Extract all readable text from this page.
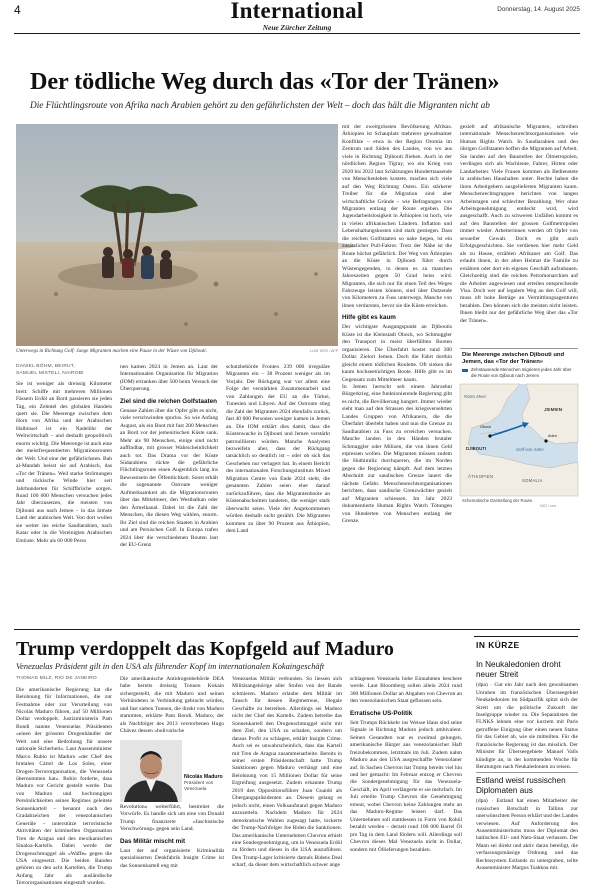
4	International
Neue Zürcher Zeitung
Donnerstag, 14. August 2025
Der tödliche Weg durch das «Tor der Tränen»
Die Flüchtlingsroute von Afrika nach Arabien gehört zu den gefährlichsten der Welt – doch das hält die Migranten nicht ab
Unterwegs in Richtung Golf: Junge Migranten machen eine Pause in der Wüste von Djibouti.	LUIS TATO / AFP
DANIEL BÖHM, BEIRUT,
SAMUEL MISTELI, NAIROBI

Sie ist weniger als dreissig Kilometer breit: Schiffe mit mehreren Millionen Fässern Erdöl an Bord passieren sie jeden Tag, ein Zehntel des globalen Handels quert sie. Die Meerenge zwischen dem Horn von Afrika und der Arabischen Halbinsel ist ein Nadelöhr der Weltwirtschaft – und deshalb geopolitisch enorm wichtig. Die Meerenge ist auch eine der meistfrequentierten Migrationsrouten der Welt. Und eine der gefährlichsten. Bab al-Mandab heisst sie auf Arabisch, das «Tor der Tränen». Weil starke Strömungen und tückische Winde hier seit Jahrhunderten für Schiffbrüche sorgen. Rund 100 000 Menschen versuchen jedes Jahr überzusetzen, die meisten von Djibouti aus nach Jemen – in das ärmste Land der arabischen Welt. Von dort wollen sie weiter ins reiche Saudiarabien, nach Katar oder in die Vereinigten Arabischen Emirate. Mehr als 60 000 Perso

nen kamen 2024 in Jemen an. Laut der Internationalen Organisation für Migration (IOM) ertranken über 500 beim Versuch der Überquerung.

Ziel sind die reichen Golfstaaten

Genaue Zahlen über die Opfer gibt es nicht, viele verschwinden spurlos. So wie Anfang August, als ein Boot mit fast 200 Menschen an Bord vor der jemenitischen Küste sank. Mehr als 90 Menschen, einige sind nicht auffindbar, mit grosser Wahrscheinlichkeit auch tot. Das Drama vor der Küste Südarabiens rückte die gefährliche Flüchtlingsroute einen Augenblick lang ins Bewusstsein der Öffentlichkeit. Sonst erhält die sogenannte Ostroute weniger Aufmerksamkeit als die Migrationsrouten über das Mittelmeer, den Westbalkan oder den Ärmelkanal. Dabei ist die Zahl der Menschen, die diesen Weg wählen, enorm. Ihr Ziel sind die reichen Staaten in Arabien und am Persischen Golf. In Europa trafen 2024 über die verschiedenen Routen laut der EU-Grenz

schutzbehörde Frontex 239 000 irreguläre Migranten ein – 38 Prozent weniger als im Vorjahr. Der Rückgang war vor allem eine Folge der verstärkten Zusammenarbeit und von Zahlungen der EU an die Türkei, Tunesien und Libyen. Auf der Ostroute stieg die Zahl der Migranten 2024 ebenfalls zurück, fast 40 000 Personen weniger kamen in Jemen an. Die IOM erklärt dies damit, dass die Küstenwache in Djibouti und Jemen verstärkt patrouillieren würden. Manche Analysten bezweifeln aber, dass der Rückgang tatsächlich so deutlich ist – oder ob sich das Geschehen nur verlagert hat. In einem Bericht des internationalen Forschungsinstituts Mixed Migration Centre von Ende 2024 steht, die genannten Zahlen seien eher darauf zurückzuführen, dass die Migrantenboote an Küstenabschnitten landeten, die weniger stark überwacht seien. Viele der Angekommenen würden deshalb nicht gezählt. Die Migranten kommen zu über 90 Prozent aus Äthiopien, dem Land

mit der zweitgrössten Bevölkerung Afrikas. Äthiopien ist Schauplatz mehrerer gewaltsamer Konflikte – etwa in der Region Oromia im Zentrum und Süden des Landes, von wo aus viele in Richtung Djibouti fliehen. Auch in der nördlichen Region Tigray, wo ein Krieg von 2020 bis 2022 laut Schätzungen Hunderttausende von Menschenleben kostete, machen sich viele auf den Weg Richtung Osten. Ein stärkerer Treiber für die Migration sind aber wirtschaftliche Gründe – wie Befragungen von Migranten entlang der Route ergeben. Die Jugendarbeitslosigkeit in Äthiopien ist hoch, wie in vielen afrikanischen Ländern. Inflation und Lebenshaltungskosten sind stark gestiegen. Dass die reichen Golfstaaten so nahe liegen, ist ein zusätzlicher Pull-Faktor. Trotz der Nähe ist die Route höchst gefährlich. Der Weg von Äthiopien an die Küste in Djibouti führt durch Wüstengegenden, in denen es zu manchen Jahreszeiten gegen 50 Grad heiss wird. Migranten, die sich nur für einen Teil des Weges Fahrzeuge leisten können, sind über Dutzende von Kilometern zu Fuss unterwegs. Manche von ihnen verdursten, bevor sie die Küste erreichen.

Hilfe gibt es kaum

Der wichtigste Ausgangspunkt an Djiboutis Küste ist die Kleinstadt Obock, wo Schmuggler den Transport in meist überfüllten Booten organisieren. Die Überfahrt kostet rund 300 Dollar. Zielort Jemen. Doch die Fahrt dorthin gleicht einem tödlichen Roulette. Oft sinken die kaum hochseetüchtigen Boote. Hilfe gibt es im Gegensatz zum Mittelmeer kaum.

In Jemen herrscht seit einem Jahrzehnt Bürgerkrieg, eine funktionierende Regierung gibt es nicht, die Bevölkerung hungert. Immer wieder sieht man auf den Strassen des kriegsversehrten Landes Gruppen von Afrikanern, die die Überfahrt überlebt haben und nun die Grenze zu Saudiarabien zu Fuss zu erreichen versuchen. Manche landen in den Händen brutaler Schmuggler oder Milizen, die von ihnen Geld erpressen wollen. Die Migranten müssen zudem die Huthimiliz durchqueren, die im Norden gegen die Regierung kämpft. Auf dem letzten Abschnitt zur saudischen Grenze lauert die nächste Gefahr. Menschenrechtsorganisationen berichten, dass saudische Grenzwächter gezielt auf Migranten schiessen. Im Jahr 2023 dokumentierte Human Rights Watch Tötungen von Hunderten von Menschen entlang der Grenze.

gezielt auf afrikanische Migranten, schreiben internationale Menschenrechtsorganisationen wie Human Rights Watch. In Saudiarabien und den übrigen Golfstaaten hoffen die Migranten auf Arbeit. Sie landen auf den Baustellen der Ölmetropolen, verdingen sich als Wachleute, Fahrer, Hirten oder Landarbeiter. Viele Frauen kommen als Bedienstete in arabischen Haushalten unter. Rechte haben die ihren Arbeitgebern ausgelieferten Migranten kaum. Menschenrechtsgruppen berichten von langen Arbeitstagen und schlechter Bezahlung. Wer ohne Arbeitsgenehmigung entdeckt wird, wird ausgeschafft. Auch zu schweren Unfällen kommt es auf den Baustellen der grossen Golfmetropolen immer wieder. Arbeiterinnen werden oft Opfer von sexueller Gewalt. Doch es gibt auch Erfolgsgeschichten. Sie verdienen hier mehr Geld als zu Hause, erzählen Afrikaner am Golf. Das erlaubt ihnen, in der alten Heimat die Familie zu ernähren oder dort ein eigenes Geschäft aufzubauen. Gleichzeitig sind die reichen Petromonarchien auf die Arbeiter angewiesen und erteilen entsprechende Visa. Doch wer auf legalem Weg an den Golf will, muss oft hohe Beträge an Vermittlungsagenturen bezahlen. Den können sich die meisten nicht leisten. Ihnen bleibt nur der gefährliche Weg über das «Tor der Tränen».

Die Meerenge zwischen Djibouti und Jemen, das «Tor der Tränen»
Zehntausende Menschen migrieren jedes Jahr über die Route von Djibouti nach Jemen
Rotes Meer
JEMEN
DJIBOUTI	Golf von Aden
ÄTHIOPIEN
SOMALIA
Obock
Aden
Schematische Darstellung der Route.
NZZ / cen.
Trump verdoppelt das Kopfgeld auf Maduro
Venezuelas Präsident gilt in den USA als führender Kopf im internationalen Kokaingeschäft
THOMAS MILZ, RIO DE JANEIRO

Die amerikanische Regierung hat die Belohnung für Informationen, die zur Festnahme oder zur Verurteilung von Nicolás Maduro führen, auf 50 Millionen Dollar verdoppelt. Justizministerin Pam Bondi nannte Venezuelas Präsidenten «einen der grössten Drogenhändler der Welt und eine Bedrohung für unsere nationale Sicherheit». Laut Aussenminister Marco Rubio ist Maduro «der Chef des brutalen Cártel de Los Soles, einer Drogen-Terrororganisation, die Venezuela übernommen hat». Rubio forderte, dass Maduro vor Gericht gestellt werde. Das von Maduro und hochrangigen Persönlichkeiten seines Regimes geleitete Sonnenkartell – benannt nach den Gradabzeichen der venezolanischen Generäle – unterstütze terroristische Aktivitäten der kriminellen Organisation Tren de Aragua und des mexikanischen Sinaloa-Kartells. Dabei werde der Drogenschmuggel als «Waffe» gegen die USA eingesetzt. Die beiden Banden gehören zu den acht Kartellen, die Trump Anfang Jahr als ausländische Terrororganisationen eingestuft wurden.

Die amerikanische Antidrogenbehörde DEA habe bereits dreissig Tonnen Kokain sichergestellt, die mit Maduro und seinen Verbündeten in Verbindung gebracht würden, und fast sieben Tonnen, die direkt von Maduro stammten, erklärte Pam Bondi. Maduro, der als Nachfolger des 2013 verstorbenen Hugo Chávez dessen «bolivarische

Nicolás Maduro
Präsident von Venezuela

Revolution» weiterführt, bestreitet die Vorwürfe. Es handle sich um eine von Donald Trump finanzierte «faschistische Verschwörung» gegen sein Land.

Das Militär mischt mit

Laut der auf organisierte Kriminalität spezialisierten Denkfabrik Insight Crime ist das Sonnenkartell eng mit

Venezuelas Militär verbunden. So liessen sich Militärangehörige aller Stufen von der Bande schmieren. Maduro erlaube dem Militär im Tausch für dessen Regimetreue, illegale Geschäfte zu betreiben. Allerdings sei Maduro nicht der Chef des Kartells. Zudem betreibe das Sonnenkartell den Drogenschmuggel nicht mit dem Ziel, den USA zu schaden, sondern um daraus Profit zu schlagen, erklärt Insight Crime. Auch sei es unwahrscheinlich, dass das Kartell mit Tren de Aragua zusammenarbeite. Bereits in seiner ersten Präsidentschaft hatte Trump Sanktionen gegen Maduro verhängt und eine Belohnung von 15 Millionen Dollar für seine Ergreifung ausgesetzt. Zudem erkannte Trump 2019 den Oppositionsführer Juan Guaidó als Übergangspräsidenten an. Diesem gelang es jedoch nicht, einen Volksaufstand gegen Maduro anzuzetteln. Nachdem Maduro für 2024 demokratische Wahlen zugesagt hatte, lockerte der Trump-Nachfolger Joe Biden die Sanktionen. Das amerikanische Unternehmen Chevron erhielt eine Sondergenehmigung, um in Venezuela Erdöl zu fördern und dieses in die USA auszuführen. Den Trump-Lager kritisierte damals Bidens Deal scharf, da dieser dem wirtschaftlich schwer ange

schlagenen Venezuela hohe Einnahmen beschere werde. Laut Bloomberg sollen allein 2024 rund 300 Millionen Dollar an Abgaben von Chevron an den venezolanischen Staat geflossen sein.

Erratische US-Politik

Seit Trumps Rückkehr ins Weisse Haus sind seine Signale in Richtung Maduro jedoch ambivalent. Seinen Gesandten war es zweimal gelungen, amerikanische Bürger aus venezolanischer Haft freizubekommen, letztmals im Juli. Zudem nahm Maduro aus den USA ausgeschaffte Venezolaner auf. In Sachen Chevron hat Trump bereits viel hin und her gemacht: Im Februar entzog er Chevron die Sondergenehmigung für das Venezuela-Geschäft, im April verlängerte er sie mehrfach. Im Juli erteilte Trump Chevron die Genehmigung erneut, wobei Chevron keine Zahlungen mehr an das Maduro-Regime leisten darf. Das Unternehmen soll stattdessen in Form von Rohöl bezahlt werden – derzeit rund 100 000 Barrel Öl pro Tag in dem Land fördern will. Allerdings soll Chevron dieses Mal Venezuela nicht in Dollar, sondern mit Öllieferungen bezahlen.

IN KÜRZE
In Neukaledonien droht neuer Streit

(dpa) · Gut ein Jahr nach den gewaltsamen Unruhen im französischen Überseegebiet Neukaledonien im Südpazifik spitzt sich der Streit um die politische Zukunft der Inselgruppe wieder zu. Die Separatisten der FLNKS lehnen eine vor kurzem mit Paris getroffene Einigung über einen neuen Status für das Gebiet ab, wie sie mitteilten. Für die französische Regierung ist das misslich. Der Minister für Überseegebiete Manuel Valls kündigte an, in der kommenden Woche für Beratungen nach Neukaledonien zu reisen.

Estland weist russischen Diplomaten aus

(dpa) · Estland hat einen Mitarbeiter der russischen Botschaft in Tallinn zur unerwünschten Person erklärt und des Landes verwiesen. Auf Anforderung des Aussenministeriums muss der Diplomat den baltischen EU- und Nato-Staat verlassen. Der Mann sei direkt und aktiv daran beteiligt, die verfassungsmässige Ordnung und das Rechtssystem Estlands zu untergraben, teilte Aussenminister Margus Tsahkna mit.
